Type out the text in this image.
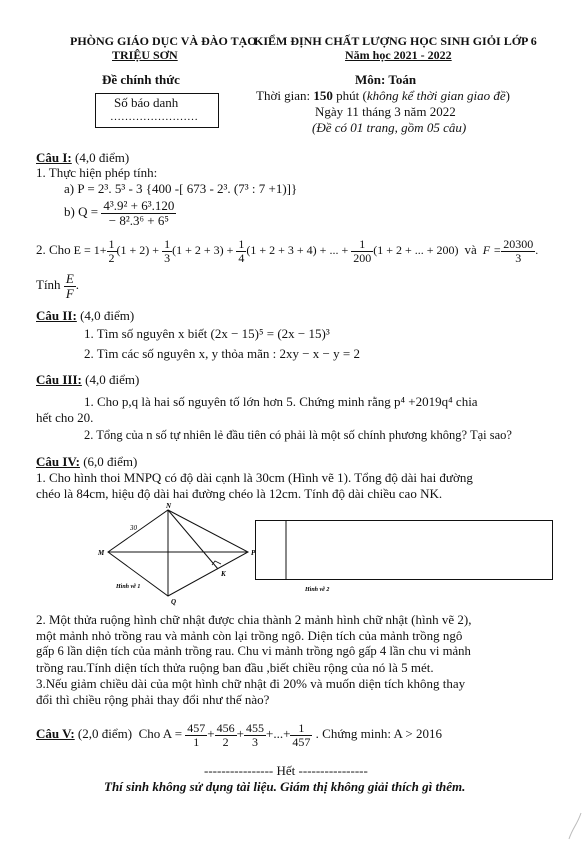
PHÒNG GIÁO DỤC VÀ ĐÀO TẠO
TRIỆU SƠN
KIỂM ĐỊNH CHẤT LƯỢNG HỌC SINH GIỎI LỚP 6
Năm học 2021 - 2022
Đề chính thức
Số báo danh
……………………
Môn: Toán
Thời gian: 150 phút (không kể thời gian giao đề)
Ngày 11 tháng 3 năm 2022
(Đề có 01 trang, gồm 05 câu)
Câu I: (4,0 điểm)
1. Thực hiện phép tính:
a) P = 2³. 5³ - 3 {400 -[ 673 - 2³. (7³ : 7 +1)]}
b) $Q = \frac{\text{4³.9² + 6³.120}}{\text{− 8².3⁶ + 6⁵}}$
2. Cho $E = 1+ \frac{1}{2} (1 + 2) + \frac{1}{3} (1 + 2 + 3) + \frac{1}{4} (1 + 2 + 3 + 4)$ + ... + $\frac{1}{200} (1 + 2$ + ... + 200) và $F = \frac{20300}{3}$ .
Tính $\frac{E}{F}$ .
Câu II: (4,0 điểm)
1. Tìm số nguyên x biết (2x − 15)⁵ = (2x − 15)³
2. Tìm các số nguyên x, y thỏa mãn : 2xy − x − y = 2
Câu III: (4,0 điểm)
1. Cho p,q là hai số nguyên tố lớn hơn 5. Chứng minh rằng p⁴ +2019q⁴ chia
hết cho 20.
2. Tổng của n số tự nhiên lẻ đầu tiên có phải là một số chính phương không? Tại sao?
Câu IV: (6,0 điểm)
1. Cho hình thoi MNPQ có độ dài cạnh là 30cm (Hình vẽ 1). Tổng độ dài hai đường
chéo là 84cm, hiệu độ dài hai đường chéo là 12cm. Tính độ dài chiều cao NK.
N
M	P
Q
K
30
Hình vẽ 1	Hình vẽ 2
2. Một thửa ruộng hình chữ nhật được chia thành 2 mảnh hình chữ nhật (hình vẽ 2),
một mảnh nhỏ trồng rau và mảnh còn lại trồng ngô. Diện tích của mảnh trồng ngô
gấp 6 lần diện tích của mảnh trồng rau. Chu vi mảnh trồng ngô gấp 4 lần chu vi mảnh
trồng rau.Tính diện tích thửa ruộng ban đầu ,biết chiều rộng của nó là 5 mét.
3.Nếu giảm chiều dài của một hình chữ nhật đi 20% và muốn diện tích không thay
đổi thì chiều rộng phải thay đổi như thế nào?
Câu V: (2,0 điểm) Cho $A = \frac{457}{1} + \frac{456}{2} + \frac{455}{3}$ +...+ $\frac{1}{457}$ . Chứng minh: A > 2016
---------------- Hết ----------------
Thí sinh không sử dụng tài liệu. Giám thị không giải thích gì thêm.
